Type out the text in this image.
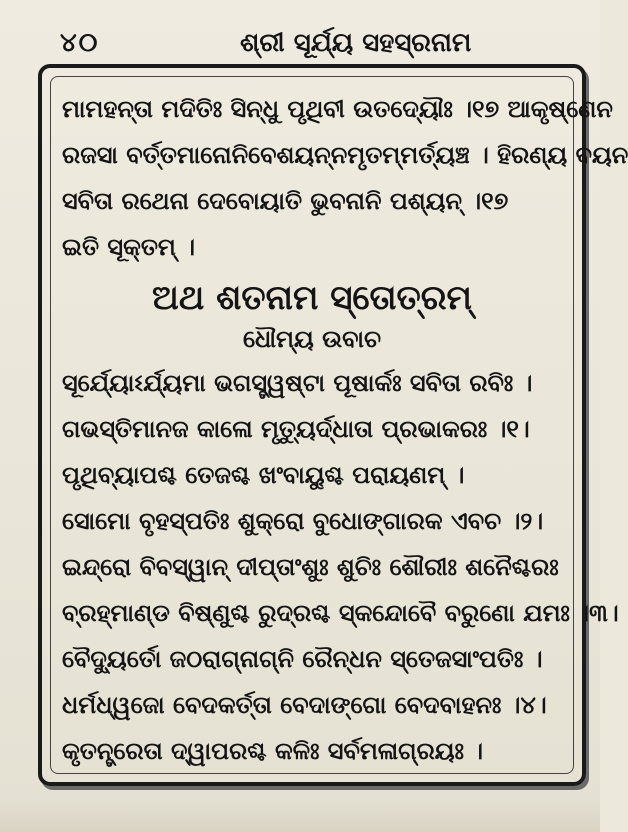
୪୦	ଶ୍ରୀ ସୂର୍ଯ୍ୟ ସହସ୍ରନାମ
ମାମହନ୍ତା ମଦିତିଃ ସିନ୍ଧୁ ପୃଥିବୀ ଉତଦ୍ୟୌଃ ।୧୭ ଆକୃଷ୍ଣେନ
ରଜସା ବର୍ତ୍ତମାନୋନିବେଶୟନ୍ନମୃତମ୍ମର୍ତ୍ୟଞ୍ଚ । ହିରଣ୍ୟ ବୟନ
ସବିତା ରଥେନା ଦେବୋୟାତି ଭୁବନାନି ପଶ୍ୟନ୍ ।୧୭
ଇତି ସୂକ୍ତମ୍ ।
ଅଥ ଶତନାମ ସ୍ତୋତ୍ରମ୍
ଧୌମ୍ୟ ଉବାଚ
ସୂର୍ଯ୍ୟୋଽର୍ଯ୍ୟମା ଭଗସ୍ତ୍ୱଷ୍ଟା ପୂଷାର୍କଃ ସବିତା ରବିଃ ।
ଗଭସ୍ତିମାନଜ କାଳୋ ମୃତ୍ୟୁର୍ଦ୍ଧାତା ପ୍ରଭାକରଃ ।୧।
ପୃଥିବ୍ୟାପଶ୍ଚ ତେଜଶ୍ଚ ଖଂବାୟୁଶ୍ଚ ପରାୟଣମ୍ ।
ସୋମୋ ବୃହସ୍ପତିଃ ଶୁକ୍ରୋ ବୁଧୋଙ୍ଗାରକ ଏବଚ ।୨।
ଇନ୍ଦ୍ରୋ ବିବସ୍ୱାନ୍ ଦୀପ୍ତାଂଶୁଃ ଶୁଚିଃ ଶୌରୀଃ ଶନୈଶ୍ଚରଃ
ବ୍ରହ୍ମାଣ୍ଡ ବିଷ୍ଣୁଶ୍ଚ ରୁଦ୍ରଶ୍ଚ ସ୍କନ୍ଦୋବୈ ବରୁଣୋ ଯମଃ ।୩।
ବୈଦ୍ୟୁର୍ତୋ ଜଠରାଗ୍ନାଗ୍ନି ରୈନ୍ଧନ ସ୍ତେଜସାଂପତିଃ ।
ଧର୍ମଧ୍ୱଜୋ ବେଦକର୍ତ୍ତା ବେଦାଙ୍ଗୋ ବେଦବାହନଃ ।୪।
କୃତନ୍ତ୍ରେତା ଦ୍ୱାପରଶ୍ଚ କଳିଃ ସର୍ବମଳାଗ୍ରୟଃ ।
